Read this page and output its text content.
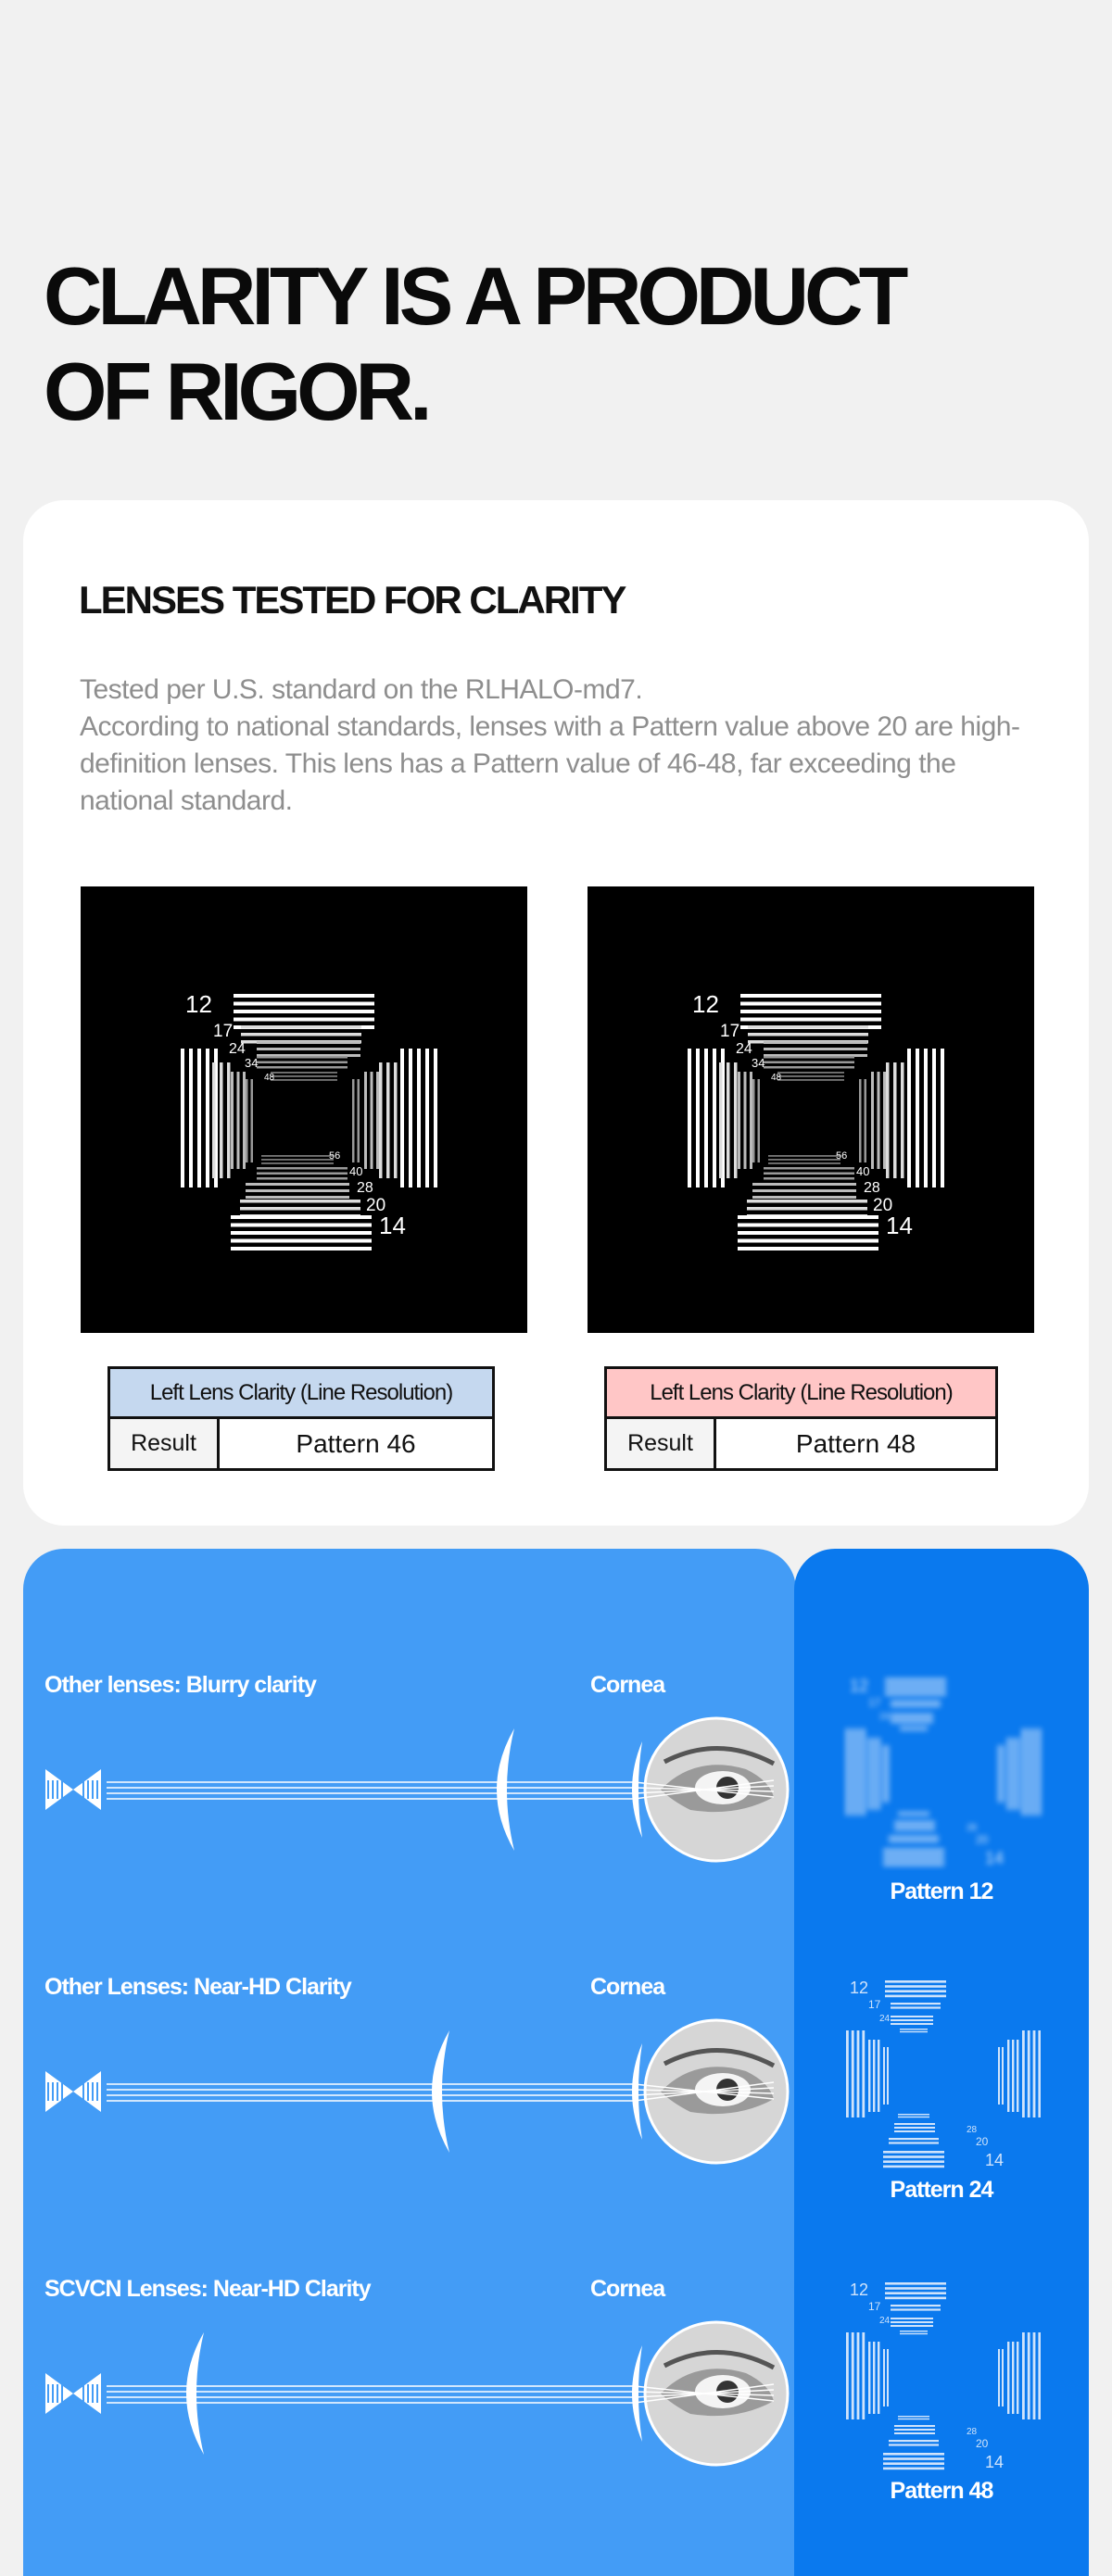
CLARITY IS A PRODUCT
OF RIGOR.
LENSES TESTED FOR CLARITY
Tested per U.S. standard on the RLHALO-md7.
According to national standards, lenses with a Pattern value above 20 are high-definition lenses. This lens has a Pattern value of 46-48, far exceeding the national standard.
12
17
24
34
48
56
40
28
20
14
12
17
24
34
48
56
40
28
20
14
Left Lens Clarity (Line Resolution)
Result	Pattern 46
Left Lens Clarity (Line Resolution)
Result	Pattern 48
Other lenses: Blurry clarity	Cornea
Other Lenses: Near-HD Clarity	Cornea
SCVCN Lenses: Near-HD Clarity	Cornea
12
17
24
28
20
14
Pattern 12
12
17
24
28
20
14
Pattern 24
12
17
24
28
20
14
Pattern 48
